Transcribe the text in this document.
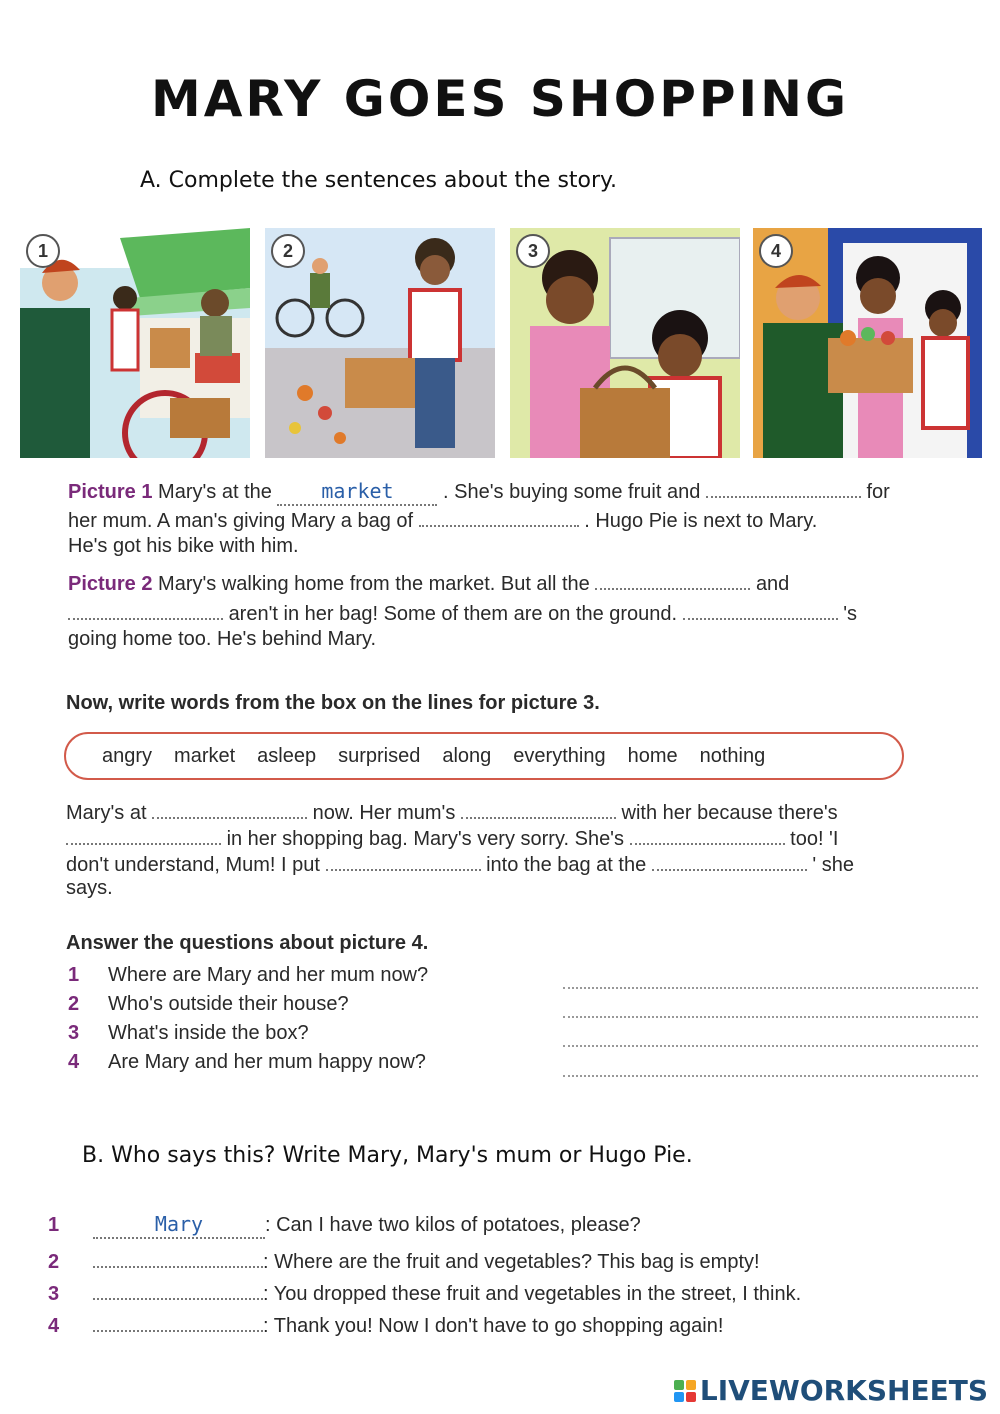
MARY GOES SHOPPING
A. Complete the sentences about the story.
1	2	3	4
Picture 1 Mary's at the market . She's buying some fruit and	for
her mum. A man's giving Mary a bag of	. Hugo Pie is next to Mary.
He's got his bike with him.
Picture 2 Mary's walking home from the market. But all the	and
aren't in her bag! Some of them are on the ground.	's
going home too. He's behind Mary.
Now, write words from the box on the lines for picture 3.
angry market asleep surprised along everything home nothing
Mary's at	now. Her mum's	with her because there's
in her shopping bag. Mary's very sorry. She's	too! 'I
don't understand, Mum! I put	into the bag at the	' she
says.
Answer the questions about picture 4.
1 Where are Mary and her mum now?
2 Who's outside their house?
3 What's inside the box?
4 Are Mary and her mum happy now?
B. Who says this? Write Mary, Mary's mum or Hugo Pie.
1	Mary	: Can I have two kilos of potatoes, please?
2	: Where are the fruit and vegetables? This bag is empty!
3	: You dropped these fruit and vegetables in the street, I think.
4	: Thank you! Now I don't have to go shopping again!
LIVEWORKSHEETS
